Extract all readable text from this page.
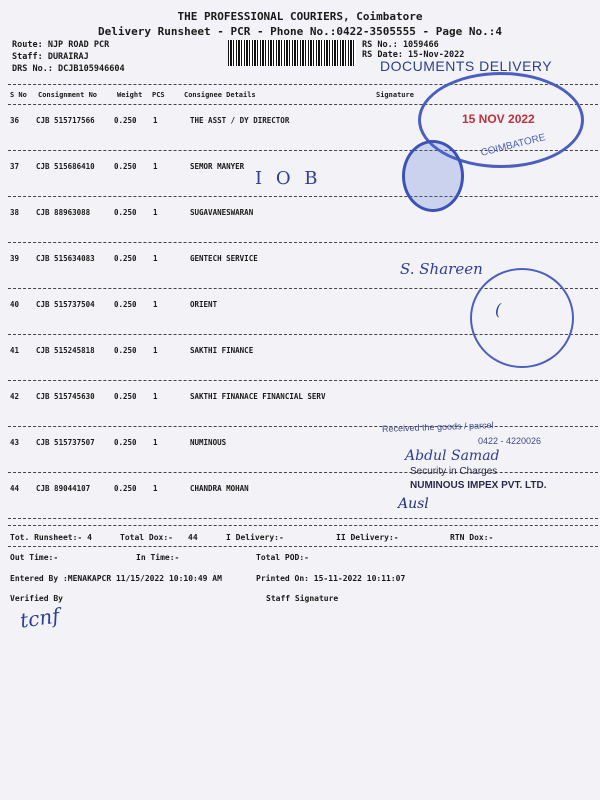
THE PROFESSIONAL COURIERS, Coimbatore
Delivery Runsheet - PCR - Phone No.:0422-3505555 - Page No.:4
Route: NJP ROAD PCR
Staff: DURAIRAJ
DRS No.: DCJB105946604
RS No.: 1059466
RS Date: 15-Nov-2022
DOCUMENTS DELIVERY
S No Consignment No	Weight PCS	Consignee Details	Signature
36 CJB 515717566	0.250 1	THE ASST / DY DIRECTOR
37 CJB 515686410	0.250 1	SEMOR MANYER
38 CJB 88963088	0.250 1	SUGAVANESWARAN
39 CJB 515634083	0.250 1	GENTECH SERVICE
40 CJB 515737504	0.250 1	ORIENT
41 CJB 515245818	0.250 1	SAKTHI FINANCE
42 CJB 515745630	0.250 1	SAKTHI FINANACE FINANCIAL SERV
43 CJB 515737507	0.250 1	NUMINOUS
44 CJB 89044107	0.250 1	CHANDRA MOHAN
15 NOV 2022
COIMBATORE
(
I O B
S. Shareen
Received the goods / parcel
0422 - 4220026
Abdul Samad
Security in Charges
NUMINOUS IMPEX PVT. LTD.
Ausl
Tot. Runsheet:- 4	Total Dox:- 44	I Delivery:-	II Delivery:-	RTN Dox:-
Out Time:-	In Time:-	Total POD:-
Entered By :MENAKAPCR 11/15/2022 10:10:49 AM	Printed On: 15-11-2022 10:11:07
Verified By	Staff Signature
tcnf
